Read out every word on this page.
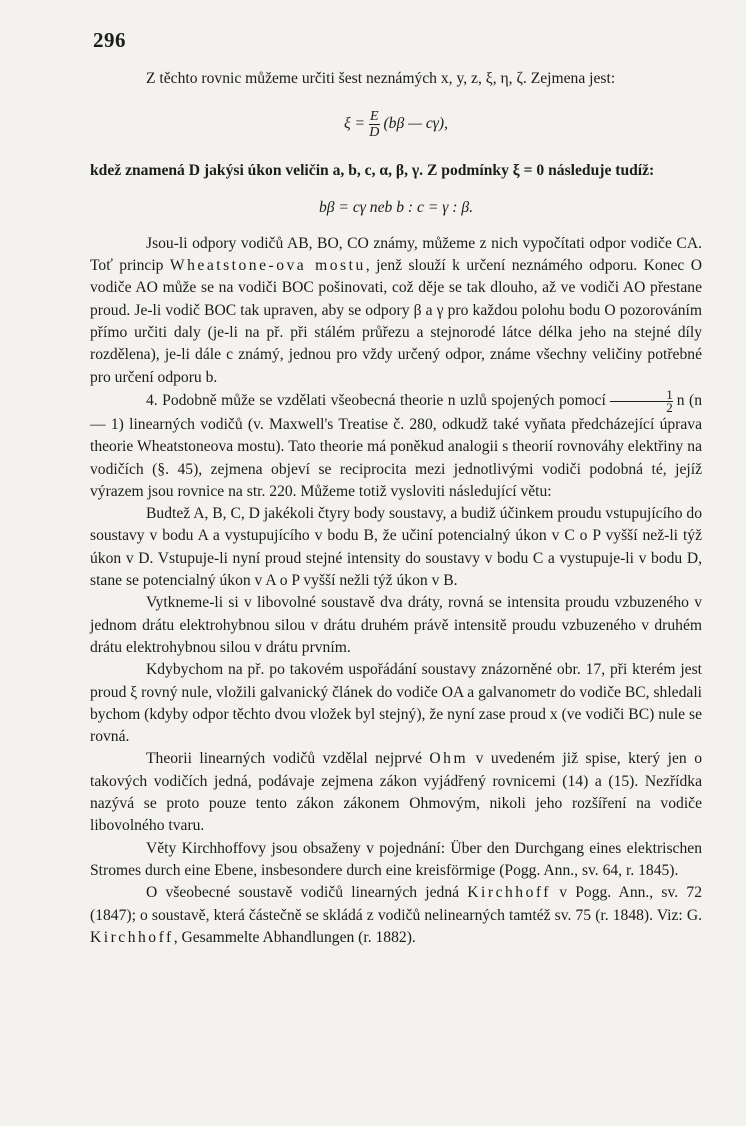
296

Z těchto rovnic můžeme určiti šest neznámých x, y, z, ξ, η, ζ. Zejmena jest:

$\xi = \frac{E}{D} (b\beta$ — cγ),

kdež znamená D jakýsi úkon veličin a, b, c, α, β, γ. Z podmínky ξ = 0 následuje tudíž:

bβ = cγ neb b : c = γ : β.

Jsou-li odpory vodičů AB, BO, CO známy, můžeme z nich vypočítati odpor vodiče CA. Toť princip Wheatstone-ova mostu, jenž slouží k určení neznámého odporu. Konec O vodiče AO může se na vodiči BOC pošinovati, což děje se tak dlouho, až ve vodiči AO přestane proud. Je-li vodič BOC tak upraven, aby se odpory β a γ pro každou polohu bodu O pozorováním přímo určiti daly (je-li na př. při stálém průřezu a stejnorodé látce délka jeho na stejné díly rozdělena), je-li dále c známý, jednou pro vždy určený odpor, známe všechny veličiny potřebné pro určení odporu b.

4. Podobně může se vzdělati všeobecná theorie n uzlů spojených pomocí $\frac{1}{2}$ n (n — 1) linearných vodičů (v. Maxwell's Treatise č. 280, odkudž také vyňata předcházející úprava theorie Wheatstoneova mostu). Tato theorie má poněkud analogii s theorií rovnováhy elektřiny na vodičích (§. 45), zejmena objeví se reciprocita mezi jednotlivými vodiči podobná té, jejíž výrazem jsou rovnice na str. 220. Můžeme totiž vysloviti následující větu:

Budtež A, B, C, D jakékoli čtyry body soustavy, a budiž účinkem proudu vstupujícího do soustavy v bodu A a vystupujícího v bodu B, že učiní potencialný úkon v C o P vyšší než-li týž úkon v D. Vstupuje-li nyní proud stejné intensity do soustavy v bodu C a vystupuje-li v bodu D, stane se potencialný úkon v A o P vyšší nežli týž úkon v B.

Vytkneme-li si v libovolné soustavě dva dráty, rovná se intensita proudu vzbuzeného v jednom drátu elektrohybnou silou v drátu druhém právě intensitě proudu vzbuzeného v druhém drátu elektrohybnou silou v drátu prvním.

Kdybychom na př. po takovém uspořádání soustavy znázorněné obr. 17, při kterém jest proud ξ rovný nule, vložili galvanický článek do vodiče OA a galvanometr do vodiče BC, shledali bychom (kdyby odpor těchto dvou vložek byl stejný), že nyní zase proud x (ve vodiči BC) nule se rovná.

Theorii linearných vodičů vzdělal nejprvé Ohm v uvedeném již spise, který jen o takových vodičích jedná, podávaje zejmena zákon vyjádřený rovnicemi (14) a (15). Nezřídka nazývá se proto pouze tento zákon zákonem Ohmovým, nikoli jeho rozšíření na vodiče libovolného tvaru.

Věty Kirchhoffovy jsou obsaženy v pojednání: Über den Durchgang eines elektrischen Stromes durch eine Ebene, insbesondere durch eine kreisförmige (Pogg. Ann., sv. 64, r. 1845).

O všeobecné soustavě vodičů linearných jedná Kirchhoff v Pogg. Ann., sv. 72 (1847); o soustavě, která částečně se skládá z vodičů nelinearných tamtéž sv. 75 (r. 1848). Viz: G. Kirchhoff, Gesammelte Abhandlungen (r. 1882).
